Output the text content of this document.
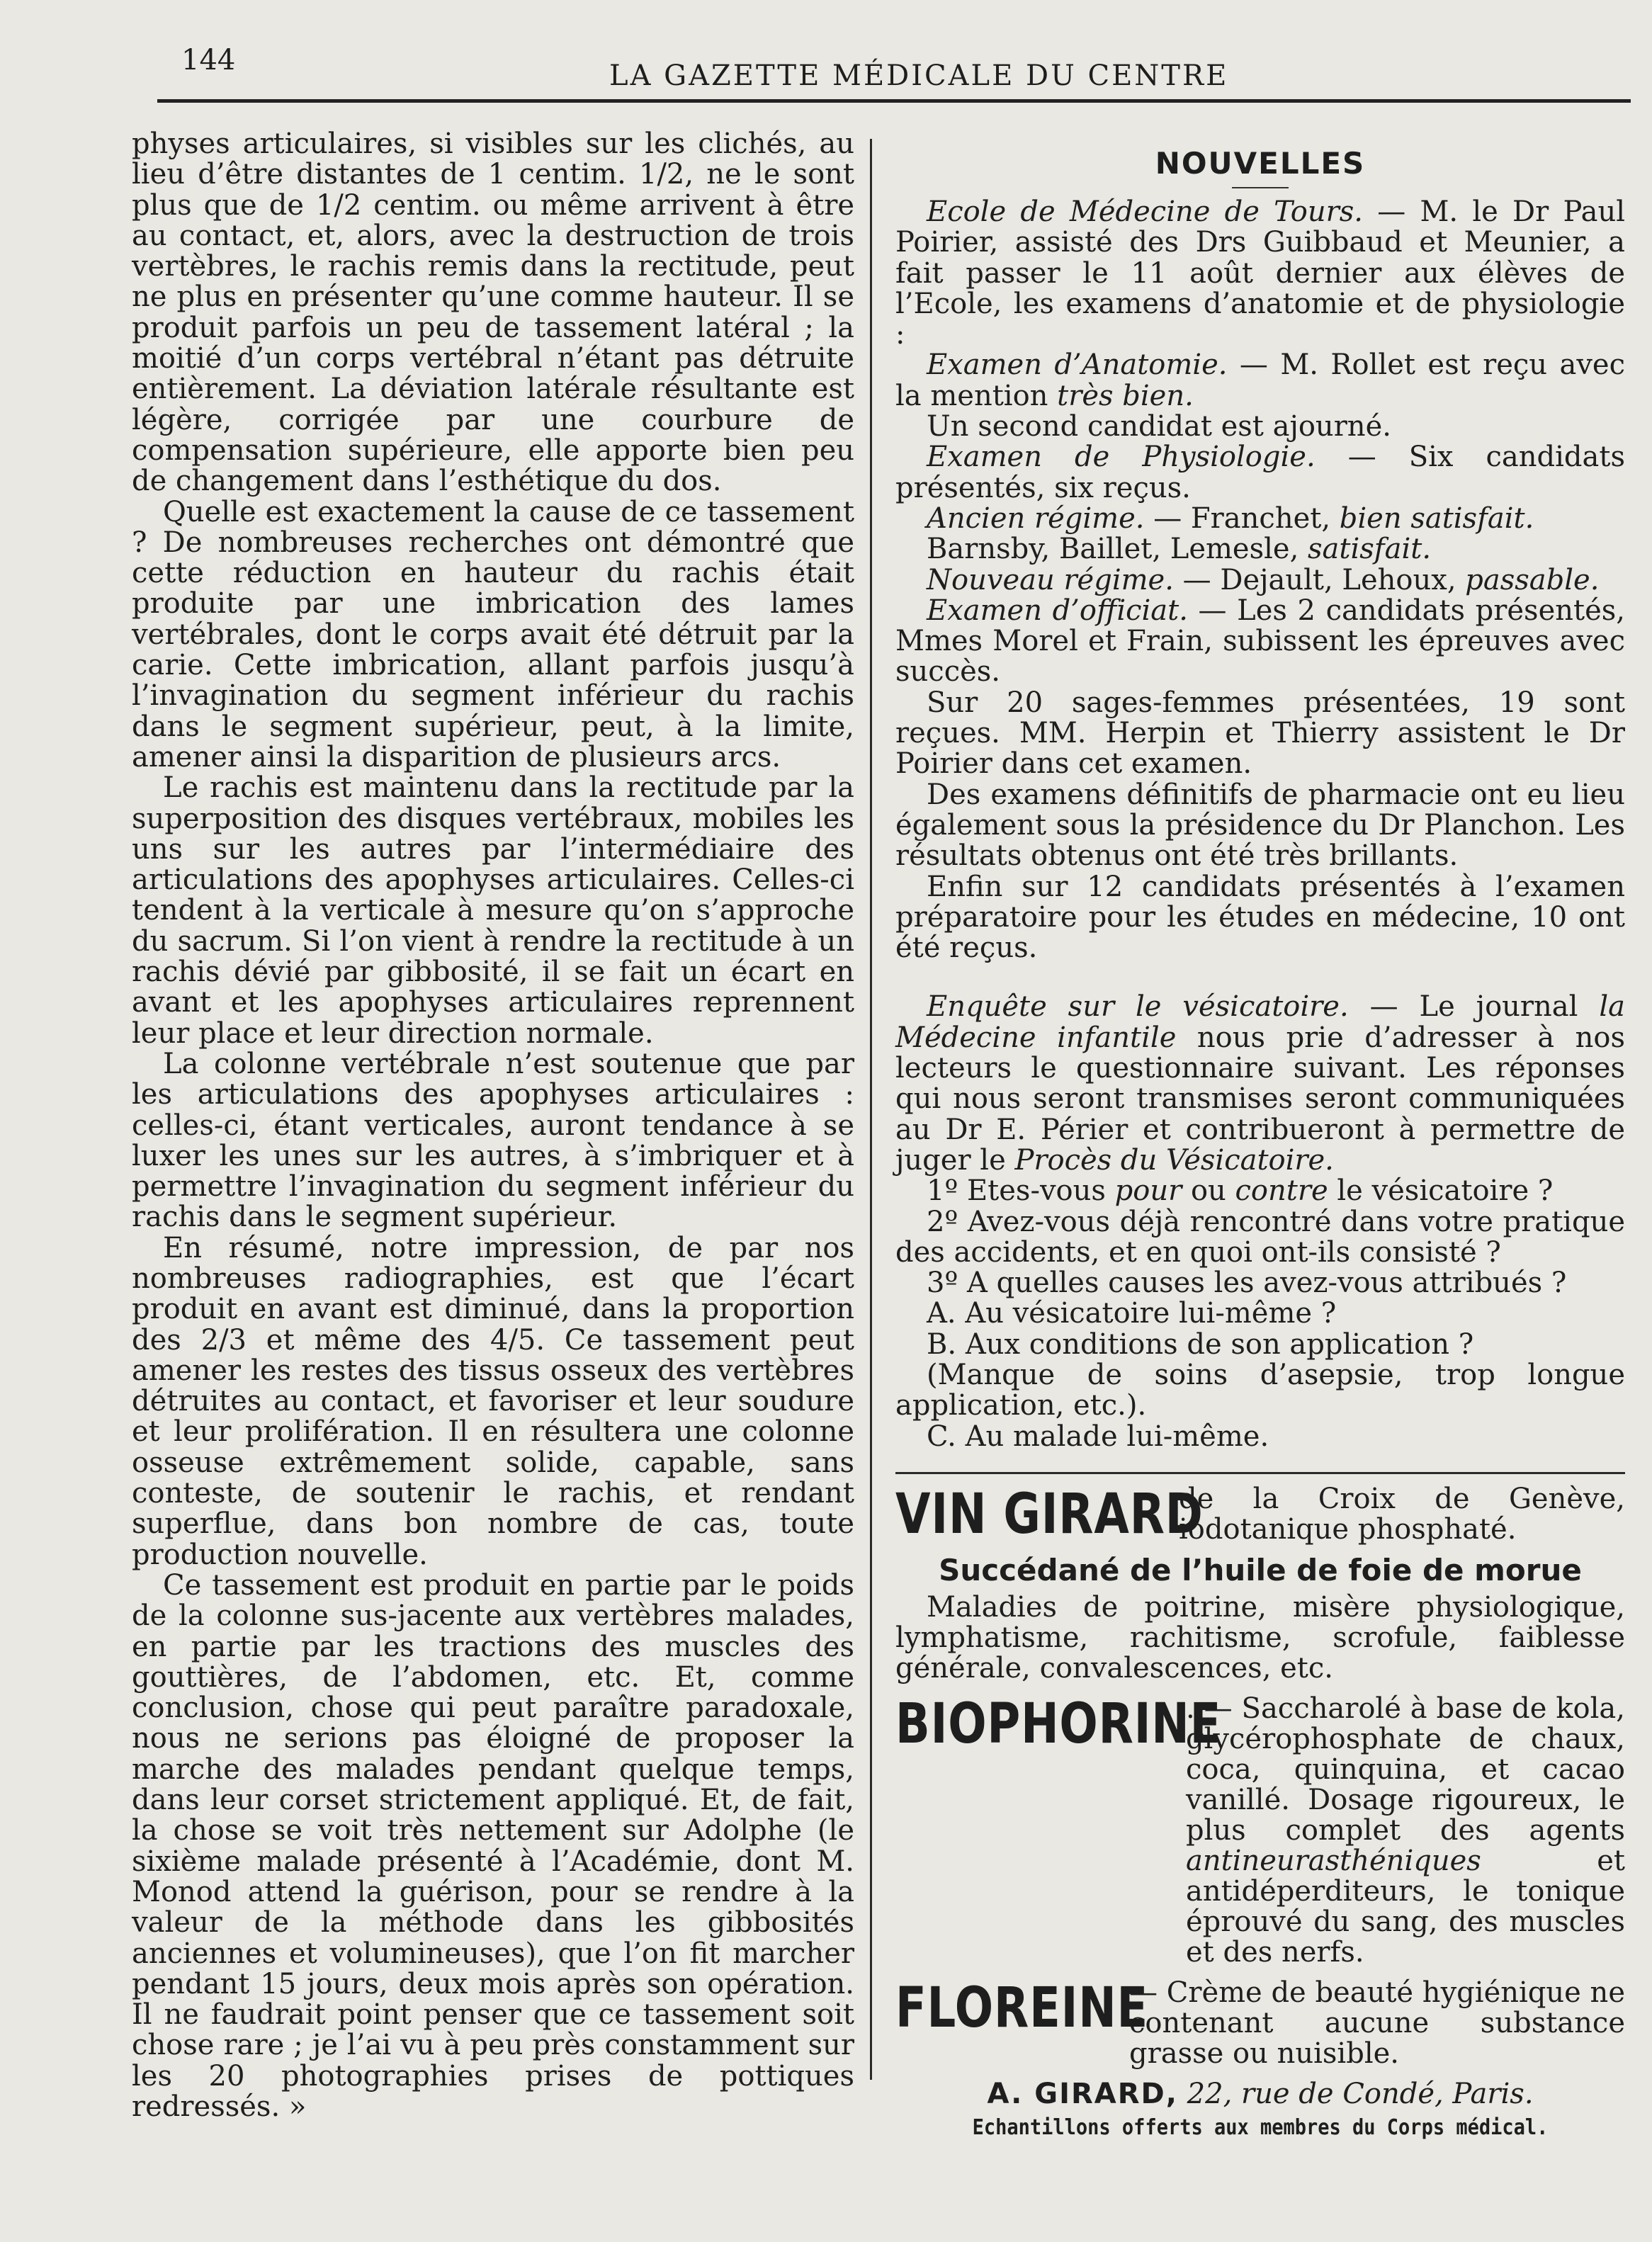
144	LA GAZETTE MÉDICALE DU CENTRE

physes articulaires, si visibles sur les clichés, au lieu d’être distantes de 1 centim. 1/2, ne le sont plus que de 1/2 centim. ou même arrivent à être au contact, et, alors, avec la destruction de trois vertèbres, le rachis remis dans la rectitude, peut ne plus en présenter qu’une comme hauteur. Il se produit parfois un peu de tassement latéral ; la moitié d’un corps vertébral n’étant pas détruite entièrement. La déviation latérale résultante est légère, corrigée par une courbure de compensation supérieure, elle apporte bien peu de changement dans l’esthétique du dos.

Quelle est exactement la cause de ce tassement ? De nombreuses recherches ont démontré que cette réduction en hauteur du rachis était produite par une imbrication des lames vertébrales, dont le corps avait été détruit par la carie. Cette imbrication, allant parfois jusqu’à l’invagination du segment inférieur du rachis dans le segment supérieur, peut, à la limite, amener ainsi la disparition de plusieurs arcs.

Le rachis est maintenu dans la rectitude par la superposition des disques vertébraux, mobiles les uns sur les autres par l’intermédiaire des articulations des apophyses articulaires. Celles-ci tendent à la verticale à mesure qu’on s’approche du sacrum. Si l’on vient à rendre la rectitude à un rachis dévié par gibbosité, il se fait un écart en avant et les apophyses articulaires reprennent leur place et leur direction normale.

La colonne vertébrale n’est soutenue que par les articulations des apophyses articulaires : celles-ci, étant verticales, auront tendance à se luxer les unes sur les autres, à s’imbriquer et à permettre l’invagination du segment inférieur du rachis dans le segment supérieur.

En résumé, notre impression, de par nos nombreuses radiographies, est que l’écart produit en avant est diminué, dans la proportion des 2/3 et même des 4/5. Ce tassement peut amener les restes des tissus osseux des vertèbres détruites au contact, et favoriser et leur soudure et leur prolifération. Il en résultera une colonne osseuse extrêmement solide, capable, sans conteste, de soutenir le rachis, et rendant superflue, dans bon nombre de cas, toute production nouvelle.

Ce tassement est produit en partie par le poids de la colonne sus-jacente aux vertèbres malades, en partie par les tractions des muscles des gouttières, de l’abdomen, etc. Et, comme conclusion, chose qui peut paraître paradoxale, nous ne serions pas éloigné de proposer la marche des malades pendant quelque temps, dans leur corset strictement appliqué. Et, de fait, la chose se voit très nettement sur Adolphe (le sixième malade présenté à l’Académie, dont M. Monod attend la guérison, pour se rendre à la valeur de la méthode dans les gibbosités anciennes et volumineuses), que l’on fit marcher pendant 15 jours, deux mois après son opération. Il ne faudrait point penser que ce tassement soit chose rare ; je l’ai vu à peu près constamment sur les 20 photographies prises de pottiques redressés. »

NOUVELLES

Ecole de Médecine de Tours. — M. le Dr Paul Poirier, assisté des Drs Guibbaud et Meunier, a fait passer le 11 août dernier aux élèves de l’Ecole, les examens d’anatomie et de physiologie :

Examen d’Anatomie. — M. Rollet est reçu avec la mention très bien.

Un second candidat est ajourné.

Examen de Physiologie. — Six candidats présentés, six reçus.

Ancien régime. — Franchet, bien satisfait.

Barnsby, Baillet, Lemesle, satisfait.

Nouveau régime. — Dejault, Lehoux, passable.

Examen d’officiat. — Les 2 candidats présentés, Mmes Morel et Frain, subissent les épreuves avec succès.

Sur 20 sages-femmes présentées, 19 sont reçues. MM. Herpin et Thierry assistent le Dr Poirier dans cet examen.

Des examens définitifs de pharmacie ont eu lieu également sous la présidence du Dr Planchon. Les résultats obtenus ont été très brillants.

Enfin sur 12 candidats présentés à l’examen préparatoire pour les études en médecine, 10 ont été reçus.

Enquête sur le vésicatoire. — Le journal la Médecine infantile nous prie d’adresser à nos lecteurs le questionnaire suivant. Les réponses qui nous seront transmises seront communiquées au Dr E. Périer et contribueront à permettre de juger le Procès du Vésicatoire.

1º Etes-vous pour ou contre le vésicatoire ?

2º Avez-vous déjà rencontré dans votre pratique des accidents, et en quoi ont-ils consisté ?

3º A quelles causes les avez-vous attribués ?

A. Au vésicatoire lui-même ?

B. Aux conditions de son application ?

(Manque de soins d’asepsie, trop longue application, etc.).

C. Au malade lui-même.

VIN GIRARD
de la Croix de Genève, iodotanique phosphaté.
Succédané de l’huile de foie de morue
Maladies de poitrine, misère physiologique, lymphatisme, rachitisme, scrofule, faiblesse générale, convalescences, etc.
BIOPHORINE
. — Saccharolé à base de kola, glycérophosphate de chaux, coca, quinquina, et cacao vanillé. Dosage rigoureux, le plus complet des agents antineurasthéniques et antidéperditeurs, le tonique éprouvé du sang, des muscles et des nerfs.
FLOREINE
— Crème de beauté hygiénique ne contenant aucune substance grasse ou nuisible.
A. GIRARD, 22, rue de Condé, Paris.
Echantillons offerts aux membres du Corps médical.
